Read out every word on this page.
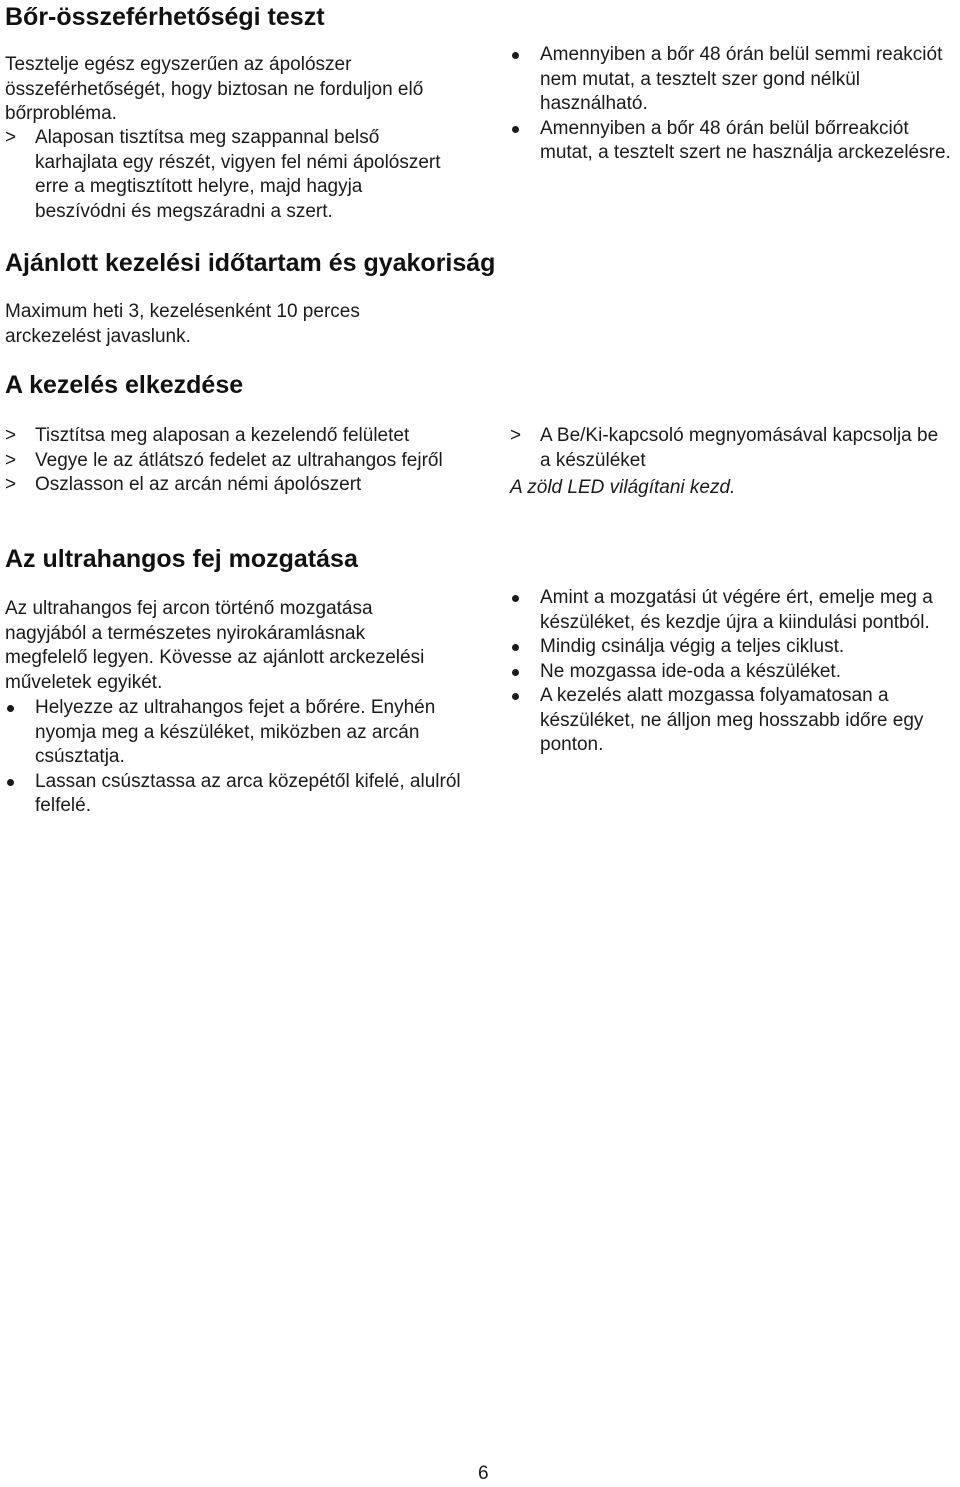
Bőr-összeférhetőségi teszt

Tesztelje egész egyszerűen az ápolószer összeférhetőségét, hogy biztosan ne forduljon elő bőrprobléma.

> Alaposan tisztítsa meg szappannal belső karhajlata egy részét, vigyen fel némi ápolószert erre a megtisztított helyre, majd hagyja beszívódni és megszáradni a szert.
Amennyiben a bőr 48 órán belül semmi reakciót nem mutat, a tesztelt szer gond nélkül használható.
Amennyiben a bőr 48 órán belül bőrreakciót mutat, a tesztelt szert ne használja arckezelésre.
Ajánlott kezelési időtartam és gyakoriság

Maximum heti 3, kezelésenként 10 perces arckezelést javaslunk.

A kezelés elkezdése
> Tisztítsa meg alaposan a kezelendő felületet
> Vegye le az átlátszó fedelet az ultrahangos fejről
> Oszlasson el az arcán némi ápolószert
> A Be/Ki-kapcsoló megnyomásával kapcsolja be a készüléket

A zöld LED világítani kezd.

Az ultrahangos fej mozgatása

Az ultrahangos fej arcon történő mozgatása nagyjából a természetes nyirokáramlásnak megfelelő legyen. Kövesse az ajánlott arckezelési műveletek egyikét.

Helyezze az ultrahangos fejet a bőrére. Enyhén nyomja meg a készüléket, miközben az arcán csúsztatja.
Lassan csúsztassa az arca közepétől kifelé, alulról felfelé.
Amint a mozgatási út végére ért, emelje meg a készüléket, és kezdje újra a kiindulási pontból.
Mindig csinálja végig a teljes ciklust.
Ne mozgassa ide-oda a készüléket.
A kezelés alatt mozgassa folyamatosan a készüléket, ne álljon meg hosszabb időre egy ponton.
6
